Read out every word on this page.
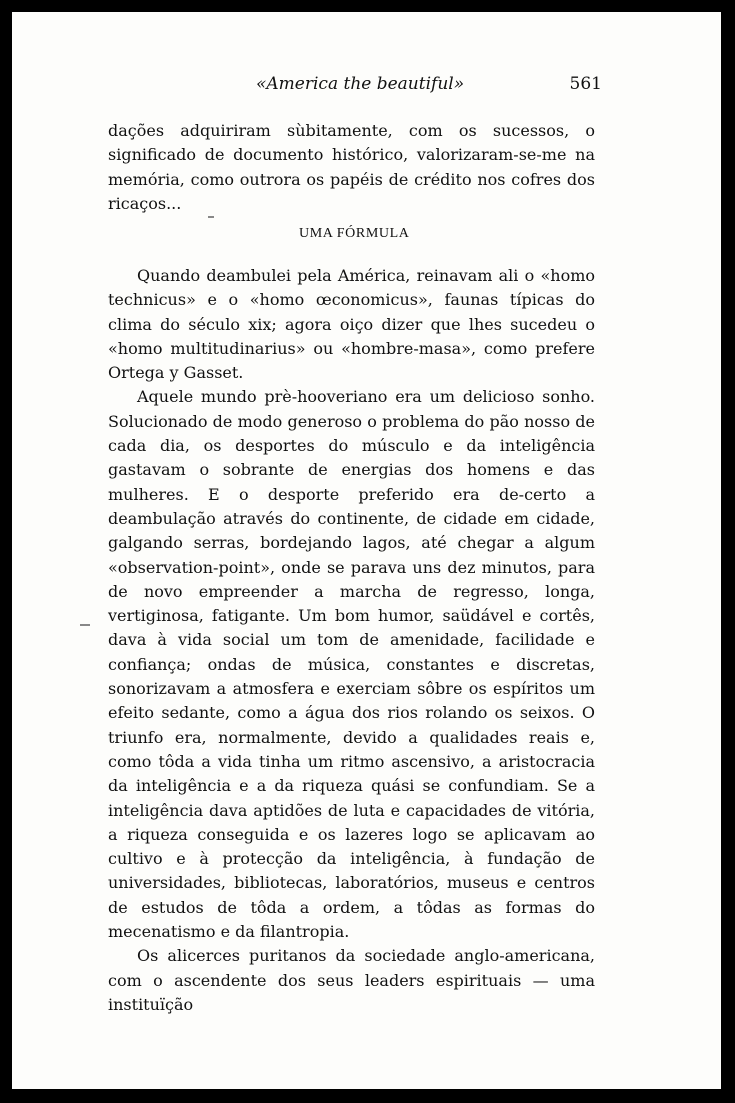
«America the beautiful»	561

dações adquiriram sùbitamente, com os sucessos, o significado de documento histórico, valorizaram-se-me na memória, como outrora os papéis de crédito nos cofres dos ricaços...

UMA FÓRMULA

Quando deambulei pela América, reinavam ali o «homo technicus» e o «homo œconomicus», faunas típicas do clima do século xix; agora oiço dizer que lhes sucedeu o «homo multitudinarius» ou «hombre-masa», como prefere Ortega y Gasset.

Aquele mundo prè-hooveriano era um delicioso sonho. Solucionado de modo generoso o problema do pão nosso de cada dia, os desportes do músculo e da inteligência gastavam o sobrante de energias dos homens e das mulheres. E o desporte preferido era de-certo a deambulação através do continente, de cidade em cidade, galgando serras, bordejando lagos, até chegar a algum «observation-point», onde se parava uns dez minutos, para de novo empreender a marcha de regresso, longa, vertiginosa, fatigante. Um bom humor, saüdável e cortês, dava à vida social um tom de amenidade, facilidade e confiança; ondas de música, constantes e discretas, sonorizavam a atmosfera e exerciam sôbre os espíritos um efeito sedante, como a água dos rios rolando os seixos. O triunfo era, normalmente, devido a qualidades reais e, como tôda a vida tinha um ritmo ascensivo, a aristocracia da inteligência e a da riqueza quási se confundiam. Se a inteligência dava aptidões de luta e capacidades de vitória, a riqueza conseguida e os lazeres logo se aplicavam ao cultivo e à protecção da inteligência, à fundação de universidades, bibliotecas, laboratórios, museus e centros de estudos de tôda a ordem, a tôdas as formas do mecenatismo e da filantropia.

Os alicerces puritanos da sociedade anglo-americana, com o ascendente dos seus leaders espirituais — uma instituïção
